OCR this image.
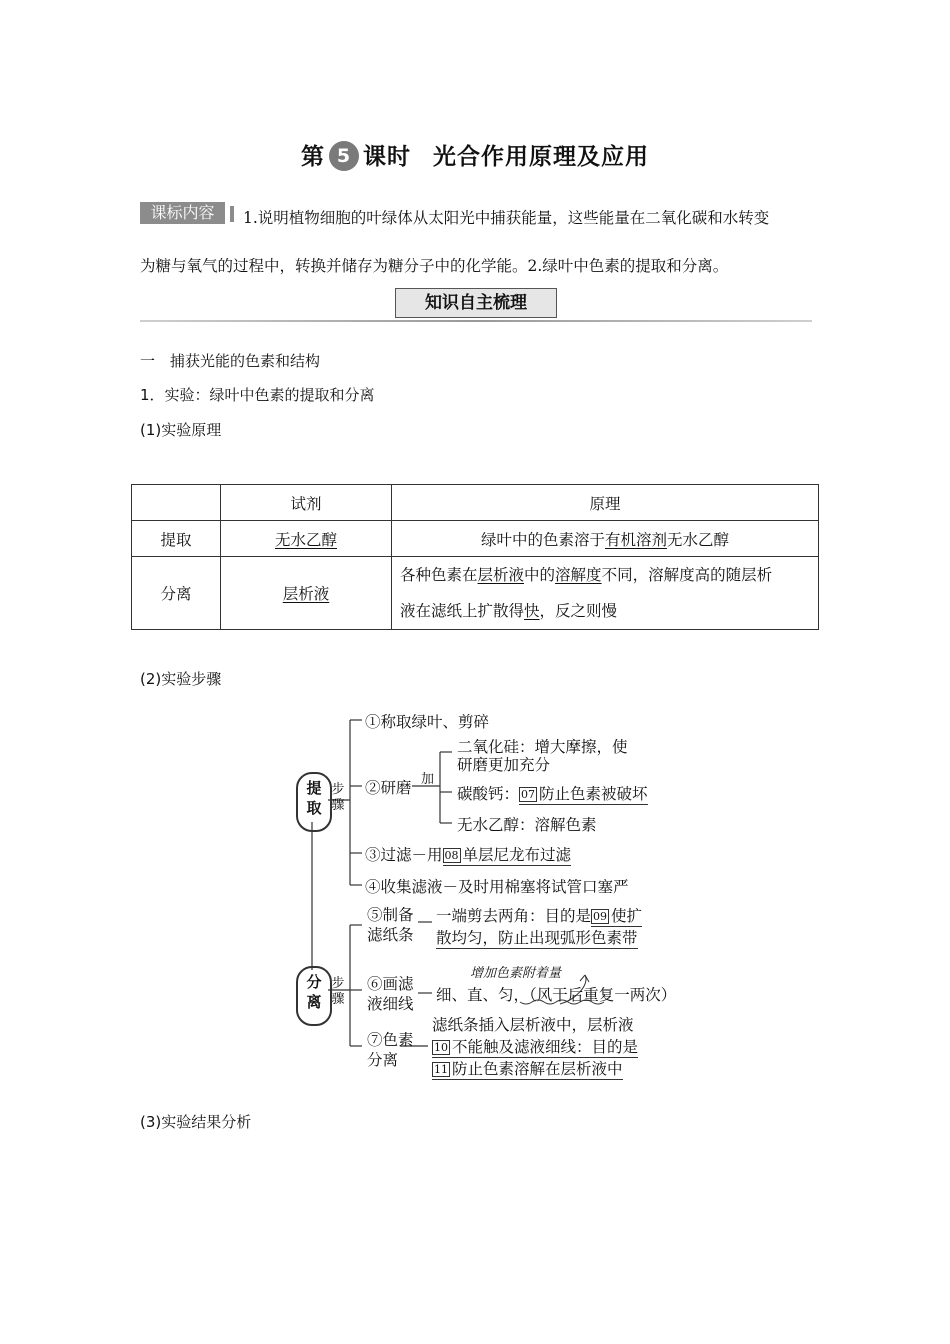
第 5 课时 光合作用原理及应用
课标内容	1.说明植物细胞的叶绿体从太阳光中捕获能量，这些能量在二氧化碳和水转变
为糖与氧气的过程中，转换并储存为糖分子中的化学能。2.绿叶中色素的提取和分离。
知识自主梳理
一　捕获光能的色素和结构
1．实验：绿叶中色素的提取和分离
(1)实验原理
	试剂	原理
提取	无水乙醇	绿叶中的色素溶于有机溶剂无水乙醇
分离	层析液	各种色素在层析液中的溶解度不同，溶解度高的随层析
液在滤纸上扩散得快，反之则慢
(2)实验步骤
提
取
步
骤
分
离
步
骤
①称取绿叶、剪碎
②研磨 加
二氧化硅：增大摩擦，使
研磨更加充分
碳酸钙： 07 防止色素被破坏
无水乙醇：溶解色素
③过滤－用 08 单层尼龙布过滤
④收集滤液－及时用棉塞将试管口塞严
⑤制备
滤纸条
一端剪去两角：目的是 09 使扩
散均匀，防止出现弧形色素带
增加色素附着量
⑥画滤
液细线 细、直、匀，（风干后重复一两次）
⑦色素
分离
滤纸条插入层析液中，层析液
10 不能触及滤液细线：目的是
11 防止色素溶解在层析液中
(3)实验结果分析
